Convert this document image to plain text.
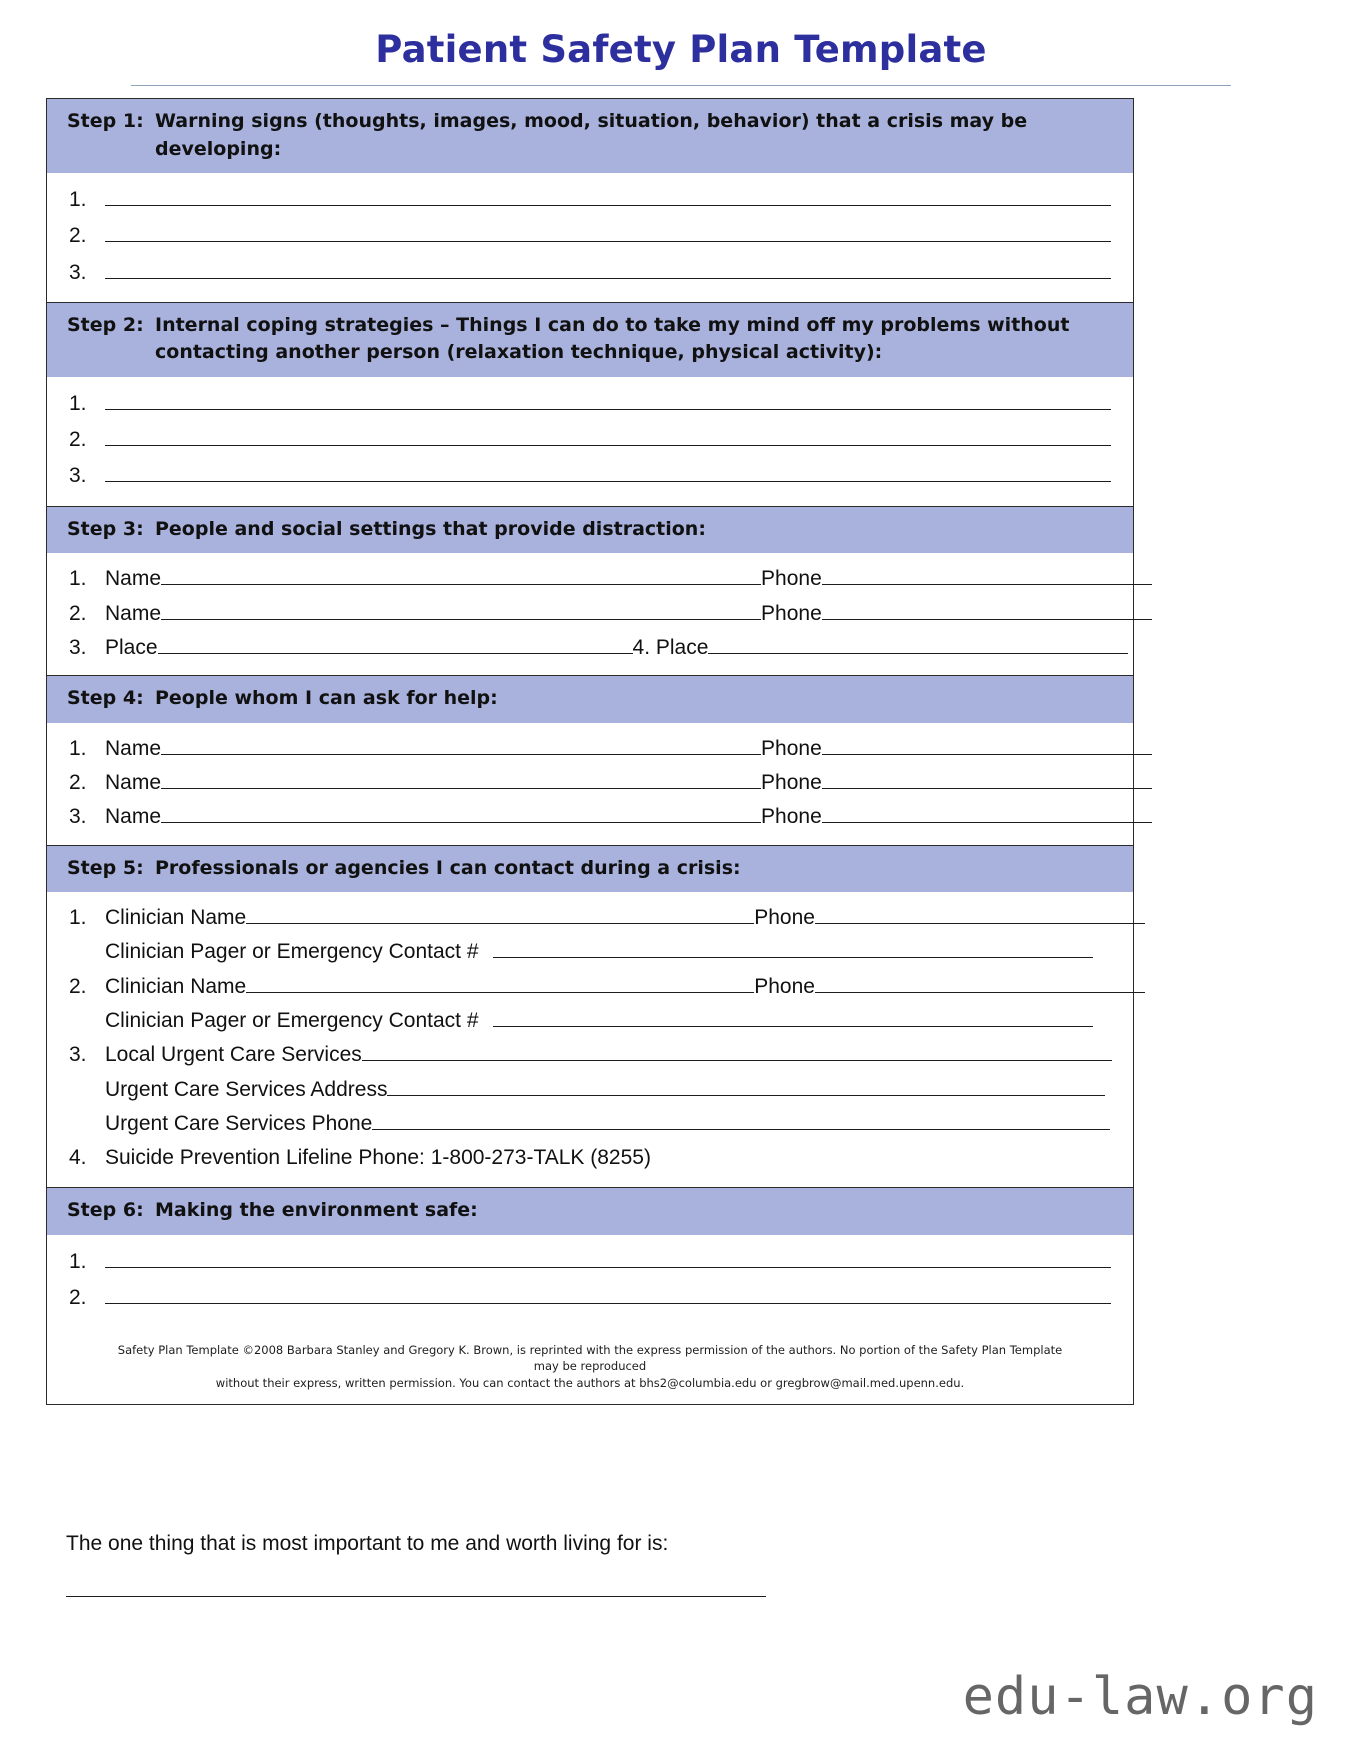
Patient Safety Plan Template
Step 1: Warning signs (thoughts, images, mood, situation, behavior) that a crisis may be developing:
1.
2.
3.
Step 2: Internal coping strategies – Things I can do to take my mind off my problems without contacting another person (relaxation technique, physical activity):
1.
2.
3.
Step 3: People and social settings that provide distraction:
1. Name	Phone
2. Name	Phone
3. Place	4. Place
Step 4: People whom I can ask for help:
1. Name	Phone
2. Name	Phone
3. Name	Phone
Step 5: Professionals or agencies I can contact during a crisis:
1. Clinician Name	Phone
Clinician Pager or Emergency Contact #
2. Clinician Name	Phone
Clinician Pager or Emergency Contact #
3. Local Urgent Care Services
Urgent Care Services Address
Urgent Care Services Phone
4. Suicide Prevention Lifeline Phone: 1-800-273-TALK (8255)
Step 6: Making the environment safe:
1.
2.
Safety Plan Template ©2008 Barbara Stanley and Gregory K. Brown, is reprinted with the express permission of the authors. No portion of the Safety Plan Template may be reproduced
without their express, written permission. You can contact the authors at bhs2@columbia.edu or gregbrow@mail.med.upenn.edu.
The one thing that is most important to me and worth living for is:
edu-law.org
